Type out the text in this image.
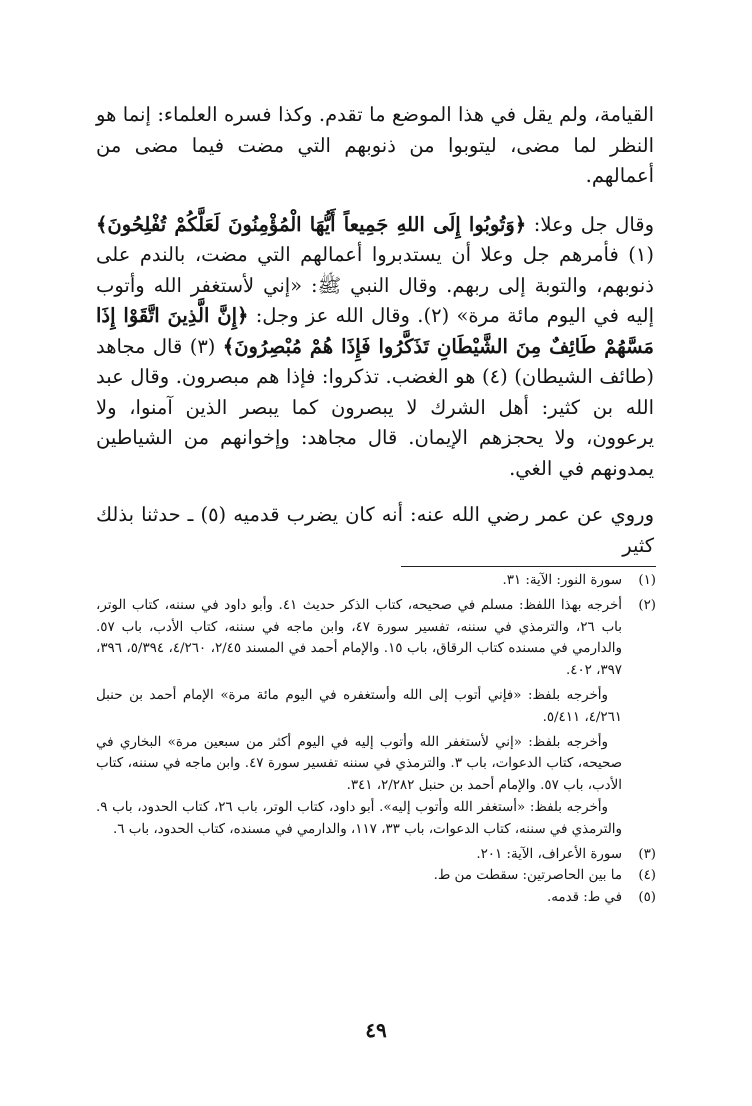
القيامة، ولم يقل في هذا الموضع ما تقدم. وكذا فسره العلماء: إنما هو النظر لما مضى، ليتوبوا من ذنوبهم التي مضت فيما مضى من أعمالهم.

وقال جل وعلا: ﴿وَتُوبُوا إِلَى اللهِ جَمِيعاً أَيُّهَا الْمُؤْمِنُونَ لَعَلَّكُمْ تُفْلِحُونَ﴾ (١) فأمرهم جل وعلا أن يستدبروا أعمالهم التي مضت، بالندم على ذنوبهم، والتوبة إلى ربهم. وقال النبي ﷺ: «إني لأستغفر الله وأتوب إليه في اليوم مائة مرة» (٢). وقال الله عز وجل: ﴿إِنَّ الَّذِينَ اتَّقَوْا إِذَا مَسَّهُمْ طَائِفٌ مِنَ الشَّيْطَانِ تَذَكَّرُوا فَإِذَا هُمْ مُبْصِرُونَ﴾ (٣) قال مجاهد (طائف الشيطان) (٤) هو الغضب. تذكروا: فإذا هم مبصرون. وقال عبد الله بن كثير: أهل الشرك لا يبصرون كما يبصر الذين آمنوا، ولا يرعوون، ولا يحجزهم الإيمان. قال مجاهد: وإخوانهم من الشياطين يمدونهم في الغي.

وروي عن عمر رضي الله عنه: أنه كان يضرب قدميه (٥) ـ حدثنا بذلك كثير

(١)
سورة النور: الآية: ٣١.
(٢)
أخرجه بهذا اللفظ: مسلم في صحيحه، كتاب الذكر حديث ٤١. وأبو داود في سننه، كتاب الوتر، باب ٢٦، والترمذي في سننه، تفسير سورة ٤٧، وابن ماجه في سننه، كتاب الأدب، باب ٥٧. والدارمي في مسنده كتاب الرقاق، باب ١٥. والإمام أحمد في المسند ٢/٤٥، ٤/٢٦٠، ٥/٣٩٤، ٣٩٦، ٣٩٧، ٤٠٢.
وأخرجه بلفظ: «فإني أتوب إلى الله وأستغفره في اليوم مائة مرة» الإمام أحمد بن حنبل ٤/٢٦١، ٥/٤١١.
وأخرجه بلفظ: «إني لأستغفر الله وأتوب إليه في اليوم أكثر من سبعين مرة» البخاري في صحيحه، كتاب الدعوات، باب ٣. والترمذي في سننه تفسير سورة ٤٧. وابن ماجه في سننه، كتاب الأدب، باب ٥٧. والإمام أحمد بن حنبل ٢/٢٨٢، ٣٤١.
وأخرجه بلفظ: «أستغفر الله وأتوب إليه». أبو داود، كتاب الوتر، باب ٢٦، كتاب الحدود، باب ٩. والترمذي في سننه، كتاب الدعوات، باب ٣٣، ١١٧، والدارمي في مسنده، كتاب الحدود، باب ٦.
(٣)
سورة الأعراف، الآية: ٢٠١.
(٤)
ما بين الحاصرتين: سقطت من ط.
(٥)
في ط: قدمه.
٤٩
